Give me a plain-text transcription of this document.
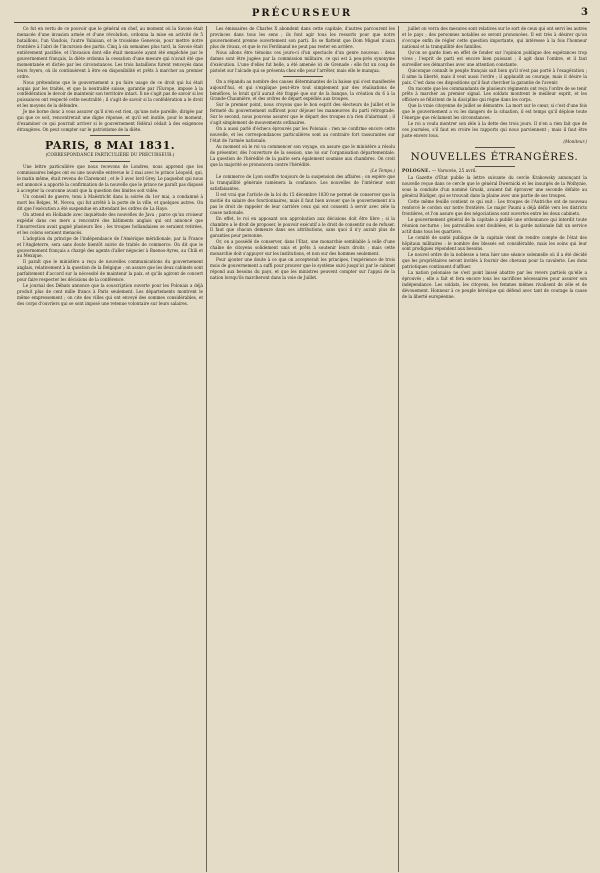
PRÉCURSEUR	3

Ce fut en vertu de ce pouvoir que le général en chef, au moment où la Savoie était menacée d'une invasion armée et d'une révolution, ordonna la mise en activité de 5 bataillons, l'un Vaudois, l'autre Valaisan, et le troisième Genevois, pour mettre notre frontière à l'abri de l'incursion des partis. Cinq à six semaines plus tard, la Savoie était entièrement pacifiée, et l'invasion dont elle était menacée ayant été empêchée par le gouvernement français, la diète ordonna la cessation d'une mesure qui n'avait été que momentanée et dictée par les circonstances. Les trois bataillons furent renvoyés dans leurs foyers, où ils continuèrent à être en disponibilité et prêts à marcher au premier ordre.

Nous prétendons que le gouvernement a pu faire usage de ce droit qui lui était acquis par les traités, et que la neutralité suisse, garantie par l'Europe, impose à la confédération le devoir de maintenir son territoire intact. Il ne s'agit pas de savoir si les puissances ont respecté cette neutralité ; il s'agit de savoir si la confédération a le droit et les moyens de la défendre.

Je me borne donc à vous assurer qu'il n'en est rien, qu'une note pareille, dirigée par qui que ce soit, rencontrerait une digne réponse, et qu'il est inutile, pour le moment, d'examiner ce qui pourrait arriver si le gouvernement fédéral cédait à des exigences étrangères. On peut compter sur le patriotisme de la diète.

PARIS, 8 MAI 1831.
(CORRESPONDANCE PARTICULIÈRE DU PRÉCURSEUR.)

Une lettre particulière que nous recevons de Londres, nous apprend que les commissaires belges ont eu une nouvelle entrevue le 2 mai avec le prince Léopold, qui, le matin même, était revenu de Claremont ; et le 3 avec lord Grey. Le paquebot qui nous est annoncé a apporté la confirmation de la nouvelle que le prince ne paraît pas disposé à accepter la couronne avant que la question des limites soit vidée.

Un conseil de guerre, tenu à Maëstricht dans la soirée du 1er mai, a condamné à mort les Belges, M. Nevou, qui fut arrêté à la porte de la ville, et quelques autres. On dit que l'exécution a été suspendue en attendant les ordres de La Haye.

On attend en Hollande avec inquiétude des nouvelles de Java ; parce qu'un croiseur expédié dans ces mers a rencontré des bâtiments anglais qui ont annoncé que l'insurrection avait gagné plusieurs îles ; les troupes hollandaises se seraient retirées, et les colons seraient menacés.

L'adoption du principe de l'indépendance de l'Amérique méridionale, par la France et l'Angleterre, sera sans doute bientôt suivie de traités de commerce. On dit que le gouvernement français a chargé des agents d'aller négocier à Buenos-Ayres, au Chili et au Mexique.

Il paraît que le ministère a reçu de nouvelles communications du gouvernement anglais, relativement à la question de la Belgique ; on assure que les deux cabinets sont parfaitement d'accord sur la nécessité de maintenir la paix, et qu'ils agiront de concert pour faire respecter les décisions de la conférence.

Le journal des Débats annonce que la souscription ouverte pour les Polonais a déjà produit plus de cent mille francs à Paris seulement. Les départements montrent le même empressement ; on cite des villes qui ont envoyé des sommes considérables, et des corps d'ouvriers qui se sont imposé une retenue volontaire sur leurs salaires.

Les émissaires de Charles X abondent dans cette capitale, d'autres parcourent les provinces dans tous les sens ; ils font agir tous les ressorts pour que notre gouvernement prenne ouvertement son parti. Ils se flattent que Dom Miguel n'aura plus de rivaux, et que le roi Ferdinand ne peut pas rester en arrière.

Nous allons être témoins ces jours-ci d'un spectacle d'un genre nouveau : deux dames sont être jugées par la commission militaire, ce qui est à peu-près synonyme d'exécution. L'une d'elles fut belle, a été amenée ici de Grenade : elle fut un coup de pistolet sur l'alcade qui se présenta chez elle pour l'arrêter, mais elle le manqua.

On a répandu au nombre des causes déterminantes de la baisse qui s'est manifestée aujourd'hui, et qui s'explique peut-être tout simplement par des réalisations de bénéfices, le bruit qu'il aurait été frappé que sur de la banque, la création du 6 à la Grande-Chaumière, et des ordres de départ expédiés aux troupes.

Sur le premier point, nous croyons que le bon esprit des électeurs de Juillet et le fermeté du gouvernement suffiront pour déjouer les manœuvres du parti rétrograde. Sur le second, nous pouvons assurer que le départ des troupes n'a rien d'alarmant ; il s'agit simplement de mouvements ordinaires.

On a aussi parlé d'échecs éprouvés par les Polonais : rien ne confirme encore cette nouvelle, et les correspondances particulières sont au contraire fort rassurantes sur l'état de l'armée nationale.

Au moment où le roi va commencer son voyage, on assure que le ministère a résolu de présenter, dès l'ouverture de la session, une loi sur l'organisation départementale. La question de l'hérédité de la pairie sera également soumise aux chambres. On croit que la majorité se prononcera contre l'hérédité.

(Le Temps.)

Le commerce de Lyon souffre toujours de la suspension des affaires ; on espère que la tranquillité générale ramènera la confiance. Les nouvelles de l'intérieur sont satisfaisantes.

Il est vrai que l'article de la loi du 15 décembre 1830 ne permet de conserver que la moitié du salaire des fonctionnaires, mais il faut bien avouer que le gouvernement n'a pas le droit de rappeler de leur carrière ceux qui ont consenti à servir avec zèle la cause nationale.

En effet, le roi en apposant son approbation aux décisions doit être libre ; si la chambre a le droit de proposer, le pouvoir exécutif a le droit de consentir ou de refuser. Il faut que chacun demeure dans ses attributions, sans quoi il n'y aurait plus de garanties pour personne.

Or, on a possédé de conserver, dans l'Etat, une monarchie semblable à celle d'une chaîne de citoyens solidement unis et prêts à soutenir leurs droits ; mais cette monarchie doit s'appuyer sur les institutions, et non sur des hommes seulement.

Pour ajouter une doute à ce que on accepterait les principes, l'expérience de trois mois de gouvernement a suffi pour prouver que le système suivi jusqu'ici par le cabinet répond aux besoins du pays, et que les ministres peuvent compter sur l'appui de la nation lorsqu'ils marcheront dans la voie de Juillet.

juillet on verra des mesures sont relatives sur le sort de ceux qui ont servi les autres et le pays ; des personnes notables se seront prononcées. Il est très à désirer qu'on s'occupe enfin de régler cette question importante, qui intéresse à la fois l'honneur national et la tranquillité des familles.

Qu'on se garde bien en effet de fonder sur l'opinion publique des espérances trop vives ; l'esprit de parti est encore bien puissant ; il agit dans l'ombre, et il faut surveiller ses démarches avec une attention constante.

Quiconque connaît le peuple français sait bien qu'il n'est pas porté à l'exagération ; il aime la liberté, mais il veut aussi l'ordre ; il applaudit au courage, mais il désire la paix. C'est dans ces dispositions qu'il faut chercher la garantie de l'avenir.

On raconte que les commandants de plusieurs régiments ont reçu l'ordre de se tenir prêts à marcher au premier signal. Les soldats montrent le meilleur esprit, et les officiers se félicitent de la discipline qui règne dans les corps.

Que la vraie citoyenne de juillet se démontre. La mort sur le cœur, si c'est d'une fois que le gouvernement a vu les dangers de la situation, il est temps qu'il déploie toute l'énergie que réclament les circonstances.

Le roi a voulu montrer son zèle à la dette des trois jours. Il n'en a rien fait que de ces journées, s'il faut en croire les rapports qui nous parviennent ; mais il faut être juste envers tous.

(Moniteur.)

NOUVELLES ÉTRANGÈRES.

POLOGNE. — Varsovie, 25 avril.

La Gazette d'État publie la lettre suivante du cercle Krakowsky annonçant la nouvelle reçue dans ce cercle que le général Dwernicki et les insurgés de la Wolhynie, sous la conduite d'un nommé Gruski, avaient fait éprouver une seconde défaite au général Rüdiger, qui se trouvait dans la plaine avec une partie de ses troupes.

Cette même feuille contient ce qui suit : Les troupes de l'Autriche ont de nouveau renforcé le cordon sur notre frontière. Le major Paumi a déjà défilé vers les districts frontières, et l'on assure que des négociations sont ouvertes entre les deux cabinets.

Le gouvernement général de la capitale a publié une ordonnance qui interdit toute réunion nocturne ; les patrouilles sont doublées, et la garde nationale fait un service actif dans tous les quartiers.

Le comité de santé publique de la capitale vient de rendre compte de l'état des hôpitaux militaires : le nombre des blessés est considérable, mais les soins qui leur sont prodigués répondent aux besoins.

Le nouvel ordre de la noblesse a tenu hier une séance solennelle où il a été décidé que les propriétaires seront invités à fournir des chevaux pour la cavalerie. Les dons patriotiques continuent d'affluer.

La nation polonaise ne s'est point laissé abattre par les revers partiels qu'elle a éprouvés ; elle a fait et fera encore tous les sacrifices nécessaires pour assurer son indépendance. Les soldats, les citoyens, les femmes mêmes rivalisent de zèle et de dévouement. Honneur à ce peuple héroïque qui défend avec tant de courage la cause de la liberté européenne.
